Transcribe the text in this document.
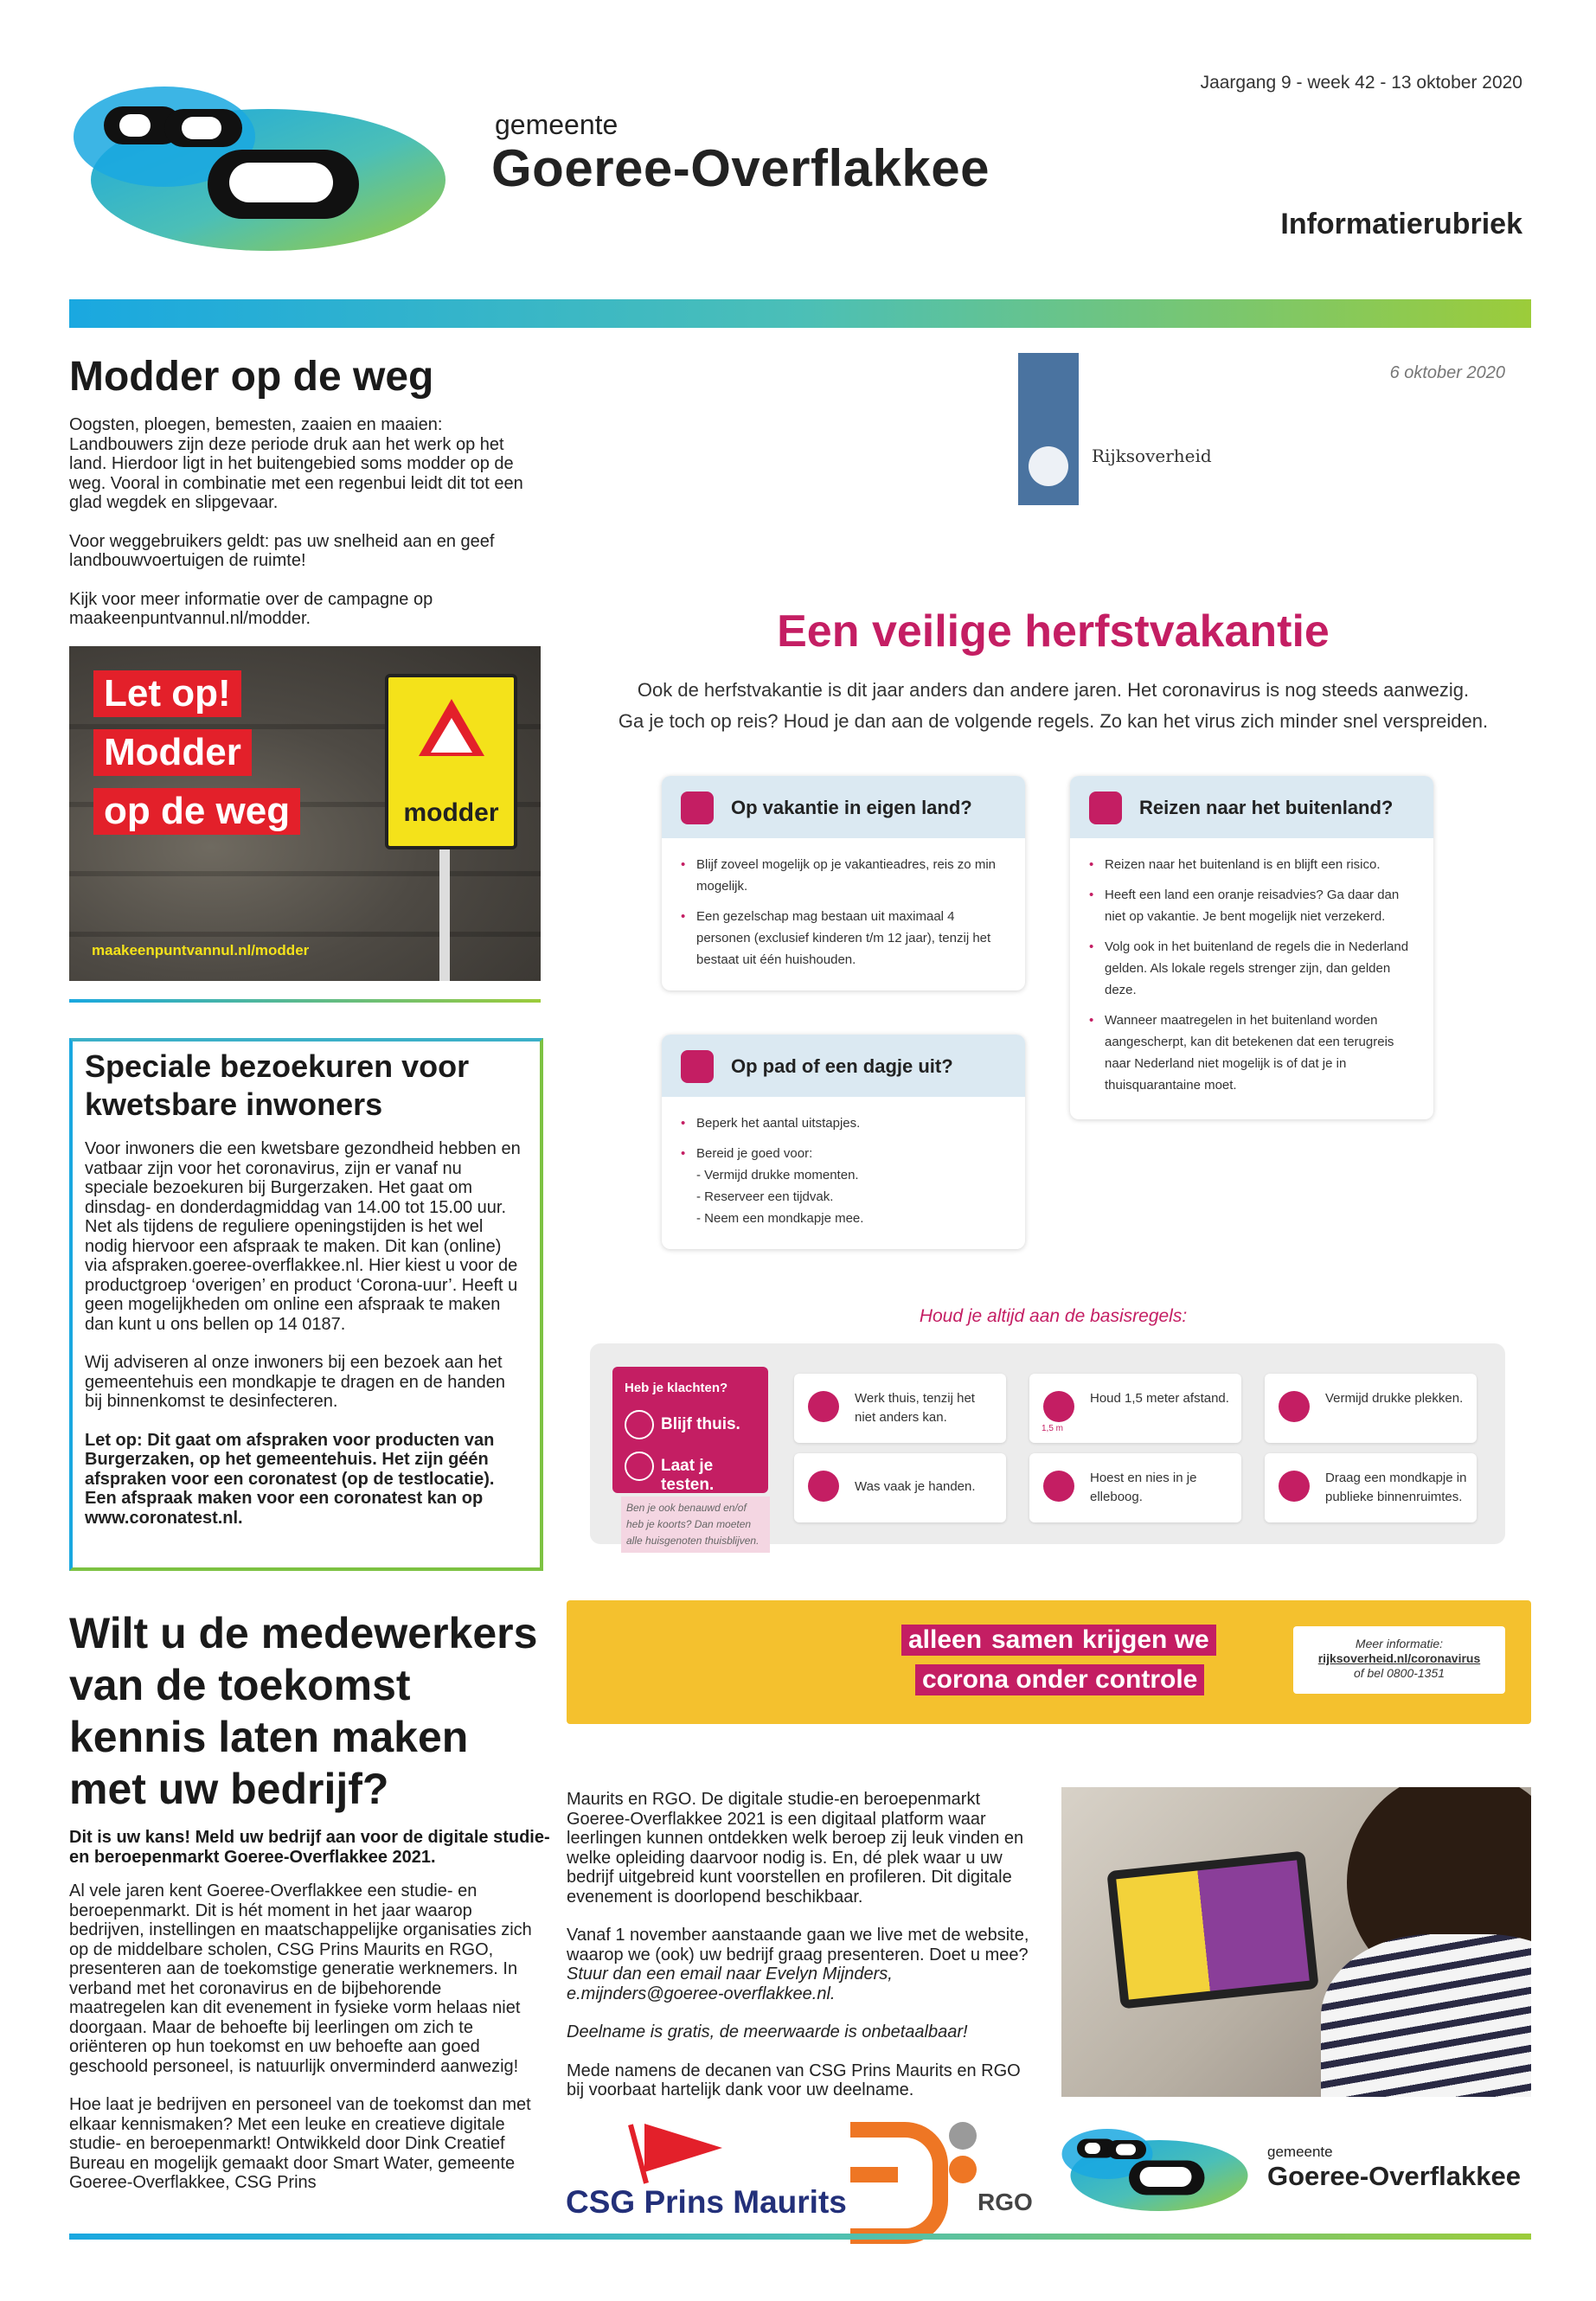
Jaargang 9 - week 42 - 13 oktober 2020
gemeente
Goeree-Overflakkee
Informatierubriek
Modder op de weg

Oogsten, ploegen, bemesten, zaaien en maaien: Landbouwers zijn deze periode druk aan het werk op het land. Hierdoor ligt in het buitengebied soms modder op de weg. Vooral in combinatie met een regenbui leidt dit tot een glad wegdek en slipgevaar.

Voor weggebruikers geldt: pas uw snelheid aan en geef landbouwvoertuigen de ruimte!

Kijk voor meer informatie over de campagne op maakeenpuntvannul.nl/modder.

Let op!
Modder
op de weg	modder
maakeenpuntvannul.nl/modder
Speciale bezoekuren voor kwetsbare inwoners

Voor inwoners die een kwetsbare gezondheid hebben en vatbaar zijn voor het coronavirus, zijn er vanaf nu speciale bezoekuren bij Burgerzaken. Het gaat om dinsdag- en donderdagmiddag van 14.00 tot 15.00 uur. Net als tijdens de reguliere openingstijden is het wel nodig hiervoor een afspraak te maken. Dit kan (online) via afspraken.goeree-overflakkee.nl. Hier kiest u voor de productgroep ‘overigen’ en product ‘Corona-uur’. Heeft u geen mogelijkheden om online een afspraak te maken dan kunt u ons bellen op 14 0187.

Wij adviseren al onze inwoners bij een bezoek aan het gemeentehuis een mondkapje te dragen en de handen bij binnenkomst te desinfecteren.

Let op: Dit gaat om afspraken voor producten van Burgerzaken, op het gemeentehuis. Het zijn géén afspraken voor een coronatest (op de testlocatie). Een afspraak maken voor een coronatest kan op www.coronatest.nl.

Wilt u de medewerkers van de toekomst kennis laten maken met uw bedrijf?
Dit is uw kans! Meld uw bedrijf aan voor de digitale studie- en beroepenmarkt Goeree-Overflakkee 2021.

Al vele jaren kent Goeree-Overflakkee een studie- en beroepenmarkt. Dit is hét moment in het jaar waarop bedrijven, instellingen en maatschappelijke organisaties zich op de middelbare scholen, CSG Prins Maurits en RGO, presenteren aan de toekomstige generatie werknemers. In verband met het coronavirus en de bijbehorende maatregelen kan dit evenement in fysieke vorm helaas niet doorgaan. Maar de behoefte bij leerlingen om zich te oriënteren op hun toekomst en uw behoefte aan goed geschoold personeel, is natuurlijk onverminderd aanwezig!

Hoe laat je bedrijven en personeel van de toekomst dan met elkaar kennismaken? Met een leuke en creatieve digitale studie- en beroepenmarkt! Ontwikkeld door Dink Creatief Bureau en mogelijk gemaakt door Smart Water, gemeente Goeree-Overflakkee, CSG Prins

Maurits en RGO. De digitale studie-en beroepenmarkt Goeree-Overflakkee 2021 is een digitaal platform waar leerlingen kunnen ontdekken welk beroep zij leuk vinden en welke opleiding daarvoor nodig is. En, dé plek waar u uw bedrijf uitgebreid kunt voorstellen en profileren. Dit digitale evenement is doorlopend beschikbaar.

Vanaf 1 november aanstaande gaan we live met de website, waarop we (ook) uw bedrijf graag presenteren. Doet u mee? Stuur dan een email naar Evelyn Mijnders, e.mijnders@goeree-overflakkee.nl.

Deelname is gratis, de meerwaarde is onbetaalbaar!

Mede namens de decanen van CSG Prins Maurits en RGO bij voorbaat hartelijk dank voor uw deelname.

Rijksoverheid
6 oktober 2020
Een veilige herfstvakantie
Ook de herfstvakantie is dit jaar anders dan andere jaren. Het coronavirus is nog steeds aanwezig.
Ga je toch op reis? Houd je dan aan de volgende regels. Zo kan het virus zich minder snel verspreiden.
Op vakantie in eigen land?
• Blijf zoveel mogelijk op je vakantieadres, reis zo min mogelijk.
• Een gezelschap mag bestaan uit maximaal 4 personen (exclusief kinderen t/m 12 jaar), tenzij het bestaat uit één huishouden.
Reizen naar het buitenland?
• Reizen naar het buitenland is en blijft een risico.
• Heeft een land een oranje reisadvies? Ga daar dan niet op vakantie. Je bent mogelijk niet verzekerd.
• Volg ook in het buitenland de regels die in Nederland gelden. Als lokale regels strenger zijn, dan gelden deze.
• Wanneer maatregelen in het buitenland worden aangescherpt, kan dit betekenen dat een terugreis naar Nederland niet mogelijk is of dat je in thuisquarantaine moet.
Op pad of een dagje uit?
• Beperk het aantal uitstapjes.
• Bereid je goed voor:
- Vermijd drukke momenten.
- Reserveer een tijdvak.
- Neem een mondkapje mee.
Houd je altijd aan de basisregels:
Heb je klachten?
Blijf thuis.
Laat je testen.
Ben je ook benauwd en/of heb je koorts? Dan moeten alle huisgenoten thuisblijven.
Werk thuis, tenzij het niet anders kan.
Houd 1,5 meter afstand.
1,5 m
Vermijd drukke plekken.
Was vaak je handen.
Hoest en nies in je elleboog.
Draag een mondkapje in publieke binnenruimtes.
alleen samen krijgen we
corona onder controle
Meer informatie:
rijksoverheid.nl/coronavirus
of bel 0800-1351
CSG Prins Maurits	RGO
gemeente
Goeree-Overflakkee
